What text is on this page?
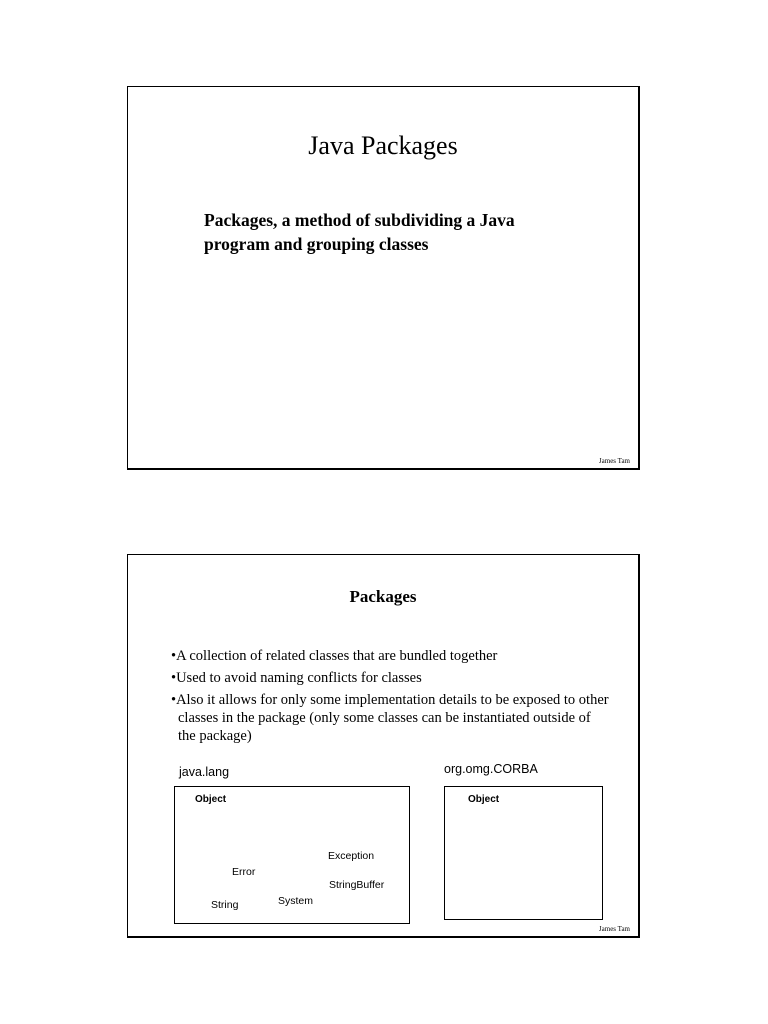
Java Packages
Packages, a method of subdividing a Java program and grouping classes
James Tam
Packages
•A collection of related classes that are bundled together
•Used to avoid naming conflicts for classes
•Also it allows for only some implementation details to be exposed to other classes in the package (only some classes can be instantiated outside of the package)
java.lang
Object
Exception
Error
StringBuffer
System
String
org.omg.CORBA
Object
James Tam
